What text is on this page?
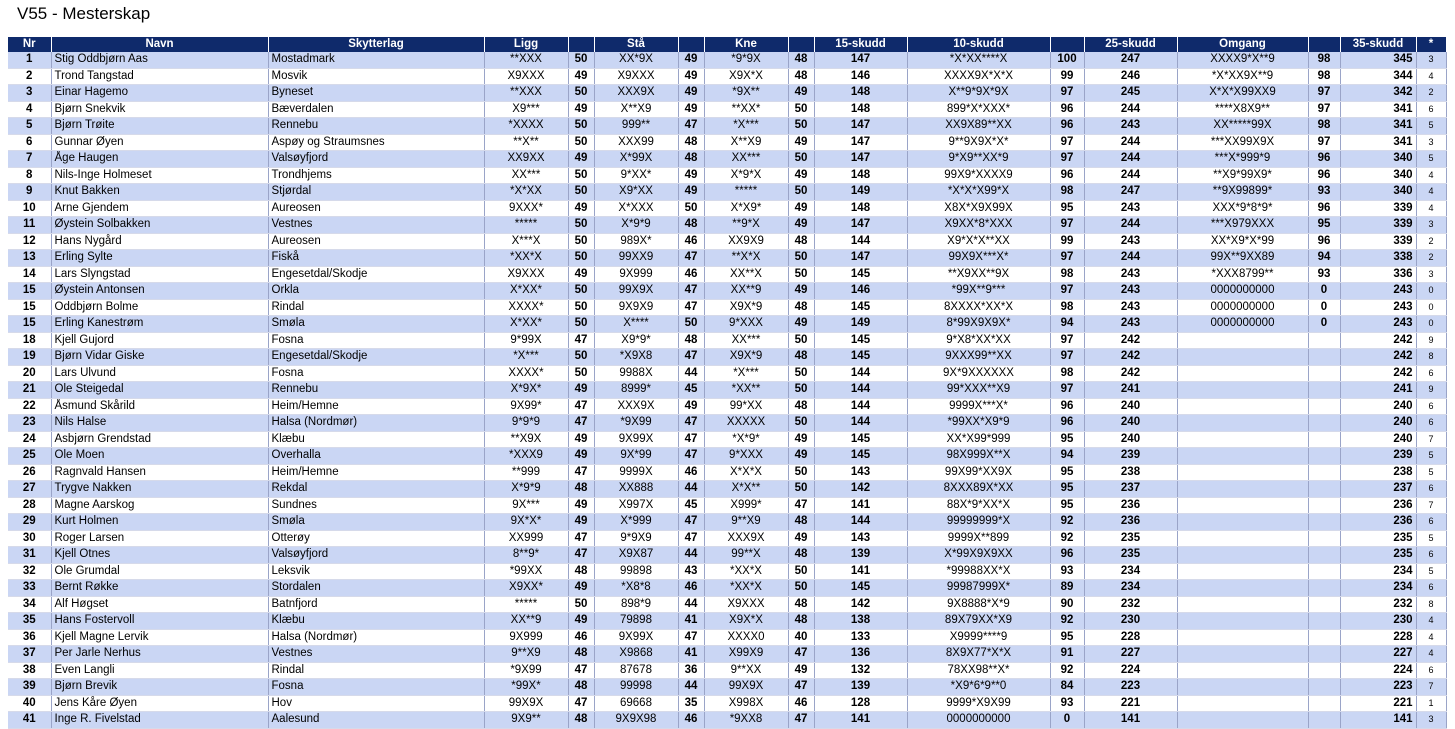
V55 - Mesterskap
Nr	Navn	Skytterlag	Ligg		Stå		Kne		15-skudd	10-skudd		25-skudd	Omgang		35-skudd	*
1	Stig Oddbjørn Aas	Mostadmark	**XXX	50	XX*9X	49	*9*9X	48	147	*X*XX****X	100	247	XXXX9*X**9	98	345	3
2	Trond Tangstad	Mosvik	X9XXX	49	X9XXX	49	X9X*X	48	146	XXXX9X*X*X	99	246	*X*XX9X**9	98	344	4
3	Einar Hagemo	Byneset	**XXX	50	XXX9X	49	*9X**	49	148	X**9*9X*9X	97	245	X*X*X99XX9	97	342	2
4	Bjørn Snekvik	Bæverdalen	X9***	49	X**X9	49	**XX*	50	148	899*X*XXX*	96	244	****X8X9**	97	341	6
5	Bjørn Trøite	Rennebu	*XXXX	50	999**	47	*X***	50	147	XX9X89**XX	96	243	XX*****99X	98	341	5
6	Gunnar Øyen	Aspøy og Straumsnes	**X**	50	XXX99	48	X**X9	49	147	9**9X9X*X*	97	244	***XX99X9X	97	341	3
7	Åge Haugen	Valsøyfjord	XX9XX	49	X*99X	48	XX***	50	147	9*X9**XX*9	97	244	***X*999*9	96	340	5
8	Nils-Inge Holmeset	Trondhjems	XX***	50	9*XX*	49	X*9*X	49	148	99X9*XXXX9	96	244	**X9*99X9*	96	340	4
9	Knut Bakken	Stjørdal	*X*XX	50	X9*XX	49	*****	50	149	*X*X*X99*X	98	247	**9X99899*	93	340	4
10	Arne Gjendem	Aureosen	9XXX*	49	X*XXX	50	X*X9*	49	148	X8X*X9X99X	95	243	XXX*9*8*9*	96	339	4
11	Øystein Solbakken	Vestnes	*****	50	X*9*9	48	**9*X	49	147	X9XX*8*XXX	97	244	***X979XXX	95	339	3
12	Hans Nygård	Aureosen	X***X	50	989X*	46	XX9X9	48	144	X9*X*X**XX	99	243	XX*X9*X*99	96	339	2
13	Erling Sylte	Fiskå	*XX*X	50	99XX9	47	**X*X	50	147	99X9X***X*	97	244	99X**9XX89	94	338	2
14	Lars Slyngstad	Engesetdal/Skodje	X9XXX	49	9X999	46	XX**X	50	145	**X9XX**9X	98	243	*XXX8799**	93	336	3
15	Øystein Antonsen	Orkla	X*XX*	50	99X9X	47	XX**9	49	146	*99X**9***	97	243	0000000000	0	243	0
15	Oddbjørn Bolme	Rindal	XXXX*	50	9X9X9	47	X9X*9	48	145	8XXXX*XX*X	98	243	0000000000	0	243	0
15	Erling Kanestrøm	Smøla	X*XX*	50	X****	50	9*XXX	49	149	8*99X9X9X*	94	243	0000000000	0	243	0
18	Kjell Gujord	Fosna	9*99X	47	X9*9*	48	XX***	50	145	9*X8*XX*XX	97	242			242	9
19	Bjørn Vidar Giske	Engesetdal/Skodje	*X***	50	*X9X8	47	X9X*9	48	145	9XXX99**XX	97	242			242	8
20	Lars Ulvund	Fosna	XXXX*	50	9988X	44	*X***	50	144	9X*9XXXXXX	98	242			242	6
21	Ole Steigedal	Rennebu	X*9X*	49	8999*	45	*XX**	50	144	99*XXX**X9	97	241			241	9
22	Åsmund Skårild	Heim/Hemne	9X99*	47	XXX9X	49	99*XX	48	144	9999X***X*	96	240			240	6
23	Nils Halse	Halsa (Nordmør)	9*9*9	47	*9X99	47	XXXXX	50	144	*99XX*X9*9	96	240			240	6
24	Asbjørn Grendstad	Klæbu	**X9X	49	9X99X	47	*X*9*	49	145	XX*X99*999	95	240			240	7
25	Ole Moen	Overhalla	*XXX9	49	9X*99	47	9*XXX	49	145	98X999X**X	94	239			239	5
26	Ragnvald Hansen	Heim/Hemne	**999	47	9999X	46	X*X*X	50	143	99X99*XX9X	95	238			238	5
27	Trygve Nakken	Rekdal	X*9*9	48	XX888	44	X*X**	50	142	8XXX89X*XX	95	237			237	6
28	Magne Aarskog	Sundnes	9X***	49	X997X	45	X999*	47	141	88X*9*XX*X	95	236			236	7
29	Kurt Holmen	Smøla	9X*X*	49	X*999	47	9**X9	48	144	99999999*X	92	236			236	6
30	Roger Larsen	Otterøy	XX999	47	9*9X9	47	XXX9X	49	143	9999X**899	92	235			235	5
31	Kjell Otnes	Valsøyfjord	8**9*	47	X9X87	44	99**X	48	139	X*99X9X9XX	96	235			235	6
32	Ole Grumdal	Leksvik	*99XX	48	99898	43	*XX*X	50	141	*99988XX*X	93	234			234	5
33	Bernt Røkke	Stordalen	X9XX*	49	*X8*8	46	*XX*X	50	145	99987999X*	89	234			234	6
34	Alf Høgset	Batnfjord	*****	50	898*9	44	X9XXX	48	142	9X8888*X*9	90	232			232	8
35	Hans Fostervoll	Klæbu	XX**9	49	79898	41	X9X*X	48	138	89X79XX*X9	92	230			230	4
36	Kjell Magne Lervik	Halsa (Nordmør)	9X999	46	9X99X	47	XXXX0	40	133	X9999****9	95	228			228	4
37	Per Jarle Nerhus	Vestnes	9**X9	48	X9868	41	X99X9	47	136	8X9X77*X*X	91	227			227	4
38	Even Langli	Rindal	*9X99	47	87678	36	9**XX	49	132	78XX98**X*	92	224			224	6
39	Bjørn Brevik	Fosna	*99X*	48	99998	44	99X9X	47	139	*X9*6*9**0	84	223			223	7
40	Jens Kåre Øyen	Hov	99X9X	47	69668	35	X998X	46	128	9999*X9X99	93	221			221	1
41	Inge R. Fivelstad	Aalesund	9X9**	48	9X9X98	46	*9XX8	47	141	0000000000	0	141			141	3
